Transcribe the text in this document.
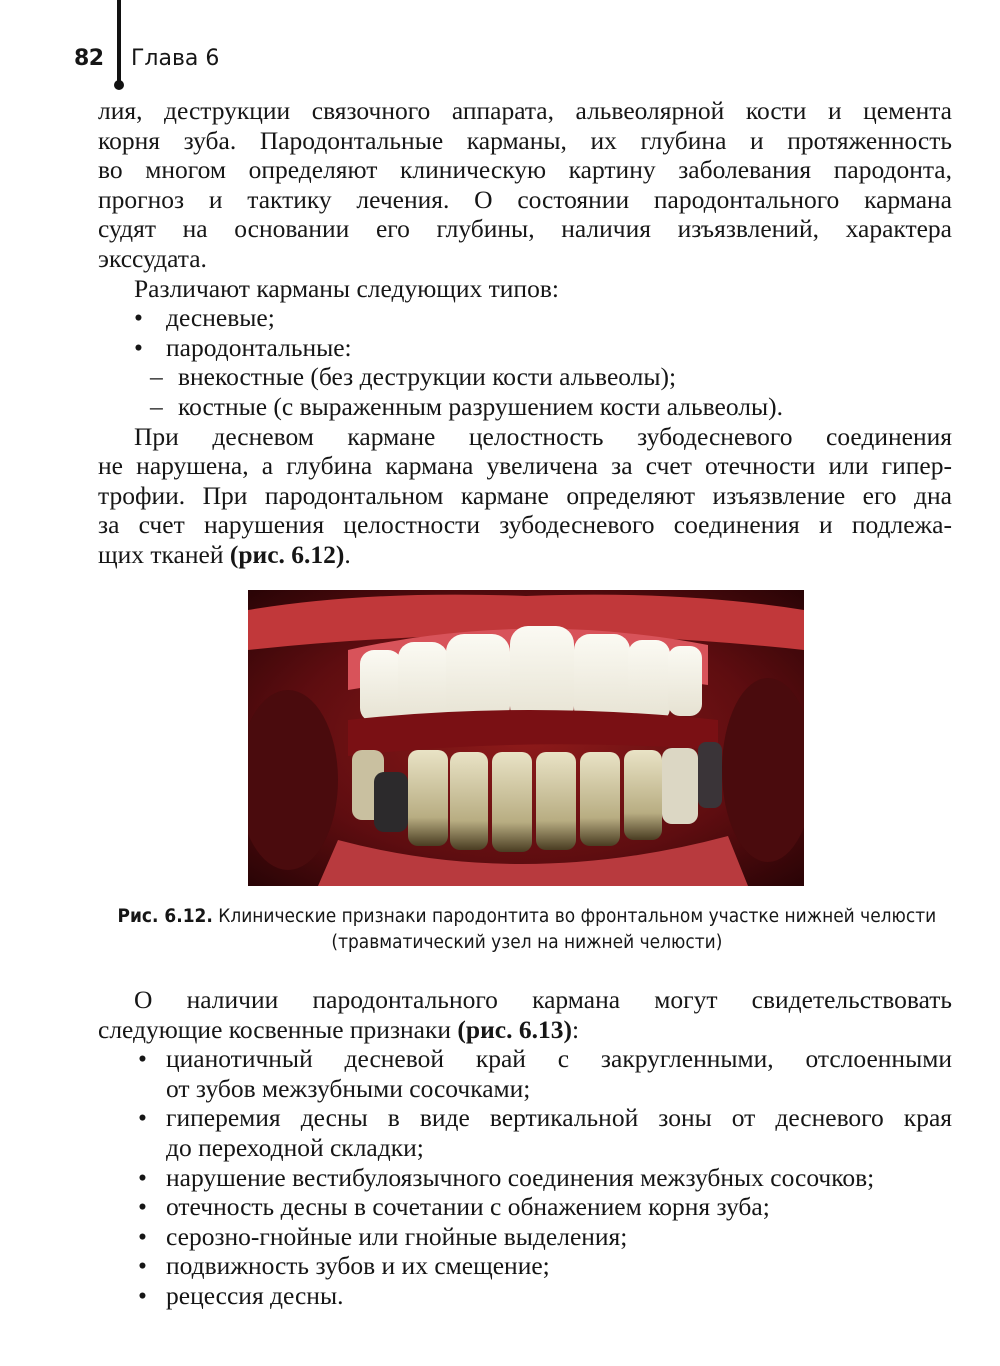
82 Глава 6

лия, деструкции связочного аппарата, альвеолярной кости и цемента

корня зуба. Пародонтальные карманы, их глубина и протяженность

во многом определяют клиническую картину заболевания пародонта,

прогноз и тактику лечения. О состоянии пародонтального кармана

судят на основании его глубины, наличия изъязвлений, характера

экссудата.

Различают карманы следующих типов:

• десневые;
• пародонтальные:
– внекостные (без деструкции кости альвеолы);
– костные (с выраженным разрушением кости альвеолы).

При десневом кармане целостность зубодесневого соединения

не нарушена, а глубина кармана увеличена за счет отечности или гипер-

трофии. При пародонтальном кармане определяют изъязвление его дна

за счет нарушения целостности зубодесневого соединения и подлежа-

щих тканей (рис. 6.12).

Рис. 6.12. Клинические признаки пародонтита во фронтальном участке нижней челюсти
(травматический узел на нижней челюсти)

О наличии пародонтального кармана могут свидетельствовать

следующие косвенные признаки (рис. 6.13):

• цианотичный десневой край с закругленными, отслоенными

от зубов межзубными сосочками;

• гиперемия десны в виде вертикальной зоны от десневого края

до переходной складки;

• нарушение вестибулоязычного соединения межзубных сосочков;

• отечность десны в сочетании с обнажением корня зуба;

• серозно-гнойные или гнойные выделения;

• подвижность зубов и их смещение;

• рецессия десны.
